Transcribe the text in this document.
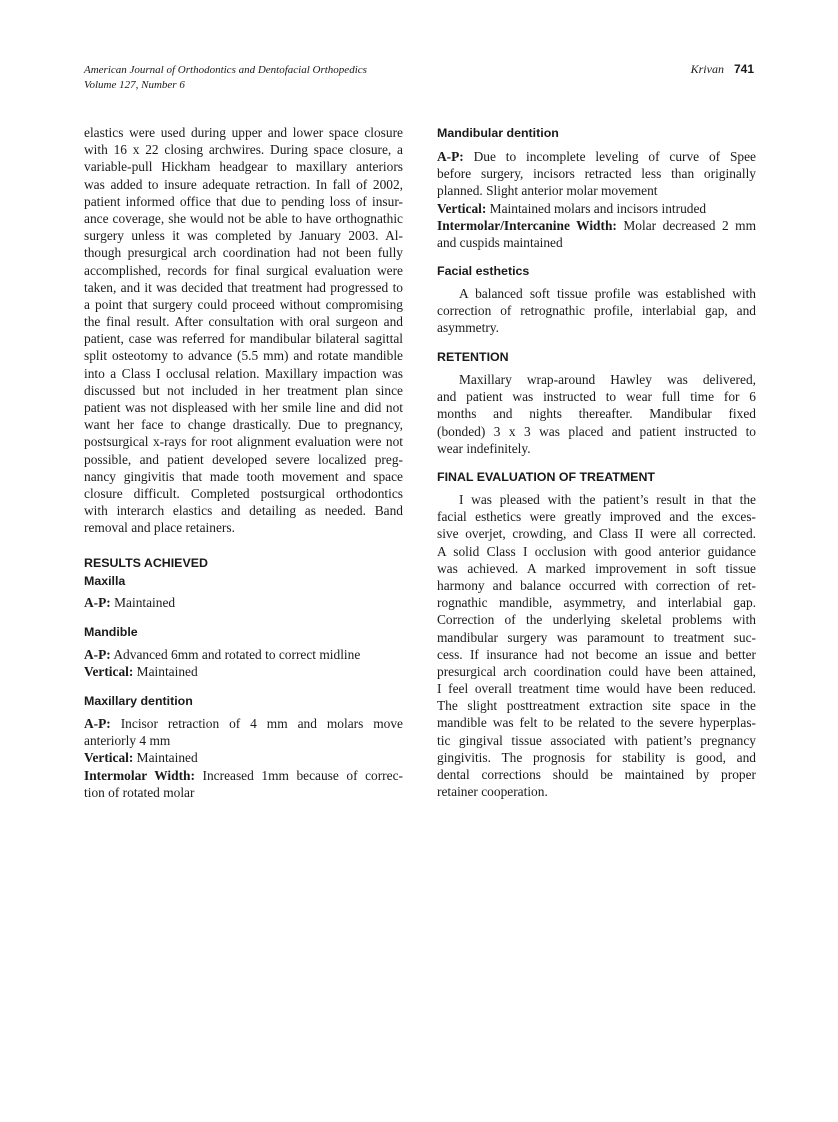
American Journal of Orthodontics and Dentofacial Orthopedics
Volume 127, Number 6
Krivan 741
elastics were used during upper and lower space closure
with 16 x 22 closing archwires. During space closure, a
variable-pull Hickham headgear to maxillary anteriors
was added to insure adequate retraction. In fall of 2002,
patient informed office that due to pending loss of insur-
ance coverage, she would not be able to have orthognathic
surgery unless it was completed by January 2003. Al-
though presurgical arch coordination had not been fully
accomplished, records for final surgical evaluation were
taken, and it was decided that treatment had progressed to
a point that surgery could proceed without compromising
the final result. After consultation with oral surgeon and
patient, case was referred for mandibular bilateral sagittal
split osteotomy to advance (5.5 mm) and rotate mandible
into a Class I occlusal relation. Maxillary impaction was
discussed but not included in her treatment plan since
patient was not displeased with her smile line and did not
want her face to change drastically. Due to pregnancy,
postsurgical x-rays for root alignment evaluation were not
possible, and patient developed severe localized preg-
nancy gingivitis that made tooth movement and space
closure difficult. Completed postsurgical orthodontics
with interarch elastics and detailing as needed. Band
removal and place retainers.
RESULTS ACHIEVED
Maxilla
A-P: Maintained
Mandible
A-P: Advanced 6mm and rotated to correct midline
Vertical: Maintained
Maxillary dentition
A-P: Incisor retraction of 4 mm and molars move
anteriorly 4 mm
Vertical: Maintained
Intermolar Width: Increased 1mm because of correc-
tion of rotated molar
Mandibular dentition
A-P: Due to incomplete leveling of curve of Spee
before surgery, incisors retracted less than originally
planned. Slight anterior molar movement
Vertical: Maintained molars and incisors intruded
Intermolar/Intercanine Width: Molar decreased 2 mm
and cuspids maintained
Facial esthetics
A balanced soft tissue profile was established with
correction of retrognathic profile, interlabial gap, and
asymmetry.
RETENTION
Maxillary wrap-around Hawley was delivered,
and patient was instructed to wear full time for 6
months and nights thereafter. Mandibular fixed
(bonded) 3 x 3 was placed and patient instructed to
wear indefinitely.
FINAL EVALUATION OF TREATMENT
I was pleased with the patient’s result in that the
facial esthetics were greatly improved and the exces-
sive overjet, crowding, and Class II were all corrected.
A solid Class I occlusion with good anterior guidance
was achieved. A marked improvement in soft tissue
harmony and balance occurred with correction of ret-
rognathic mandible, asymmetry, and interlabial gap.
Correction of the underlying skeletal problems with
mandibular surgery was paramount to treatment suc-
cess. If insurance had not become an issue and better
presurgical arch coordination could have been attained,
I feel overall treatment time would have been reduced.
The slight posttreatment extraction site space in the
mandible was felt to be related to the severe hyperplas-
tic gingival tissue associated with patient’s pregnancy
gingivitis. The prognosis for stability is good, and
dental corrections should be maintained by proper
retainer cooperation.
